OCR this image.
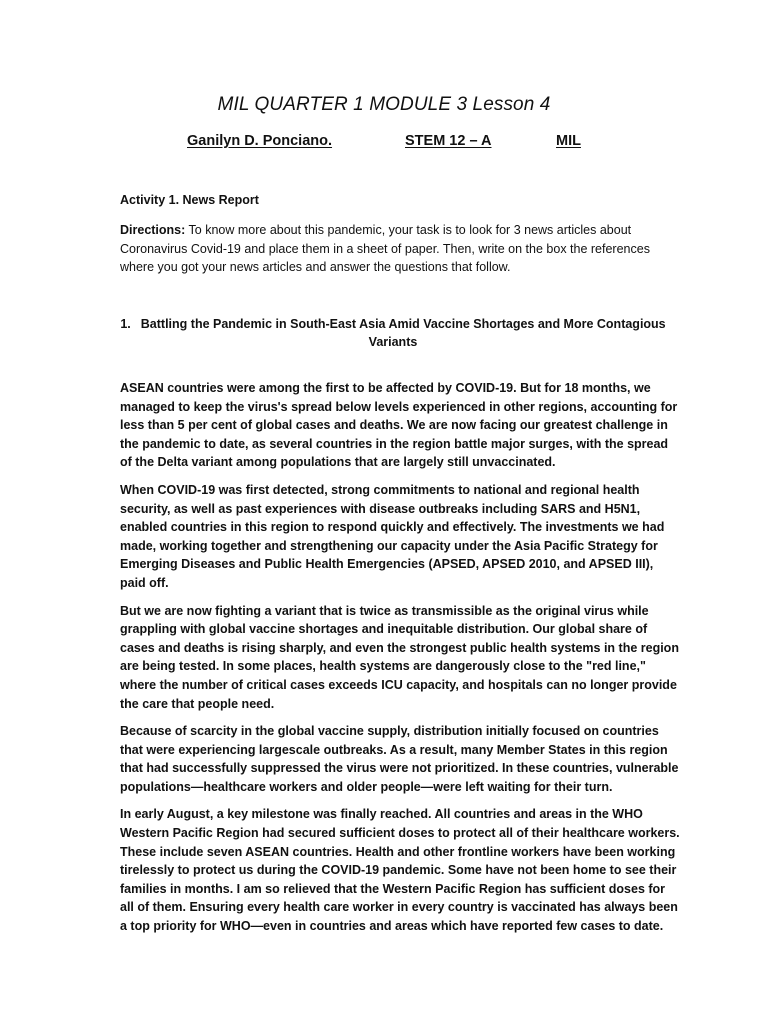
MIL QUARTER 1 MODULE 3 Lesson 4
Ganilyn D. Ponciano.	STEM 12 – A	MIL
Activity 1. News Report
Directions: To know more about this pandemic, your task is to look for 3 news articles about Coronavirus Covid-19 and place them in a sheet of paper. Then, write on the box the references where you got your news articles and answer the questions that follow.
1. Battling the Pandemic in South-East Asia Amid Vaccine Shortages and More Contagious Variants

ASEAN countries were among the first to be affected by COVID-19. But for 18 months, we managed to keep the virus's spread below levels experienced in other regions, accounting for less than 5 per cent of global cases and deaths. We are now facing our greatest challenge in the pandemic to date, as several countries in the region battle major surges, with the spread of the Delta variant among populations that are largely still unvaccinated.

When COVID-19 was first detected, strong commitments to national and regional health security, as well as past experiences with disease outbreaks including SARS and H5N1, enabled countries in this region to respond quickly and effectively. The investments we had made, working together and strengthening our capacity under the Asia Pacific Strategy for Emerging Diseases and Public Health Emergencies (APSED, APSED 2010, and APSED III), paid off.

But we are now fighting a variant that is twice as transmissible as the original virus while grappling with global vaccine shortages and inequitable distribution. Our global share of cases and deaths is rising sharply, and even the strongest public health systems in the region are being tested. In some places, health systems are dangerously close to the "red line," where the number of critical cases exceeds ICU capacity, and hospitals can no longer provide the care that people need.

Because of scarcity in the global vaccine supply, distribution initially focused on countries that were experiencing largescale outbreaks. As a result, many Member States in this region that had successfully suppressed the virus were not prioritized. In these countries, vulnerable populations—healthcare workers and older people—were left waiting for their turn.

In early August, a key milestone was finally reached. All countries and areas in the WHO Western Pacific Region had secured sufficient doses to protect all of their healthcare workers. These include seven ASEAN countries. Health and other frontline workers have been working tirelessly to protect us during the COVID-19 pandemic. Some have not been home to see their families in months. I am so relieved that the Western Pacific Region has sufficient doses for all of them. Ensuring every health care worker in every country is vaccinated has always been a top priority for WHO—even in countries and areas which have reported few cases to date.
